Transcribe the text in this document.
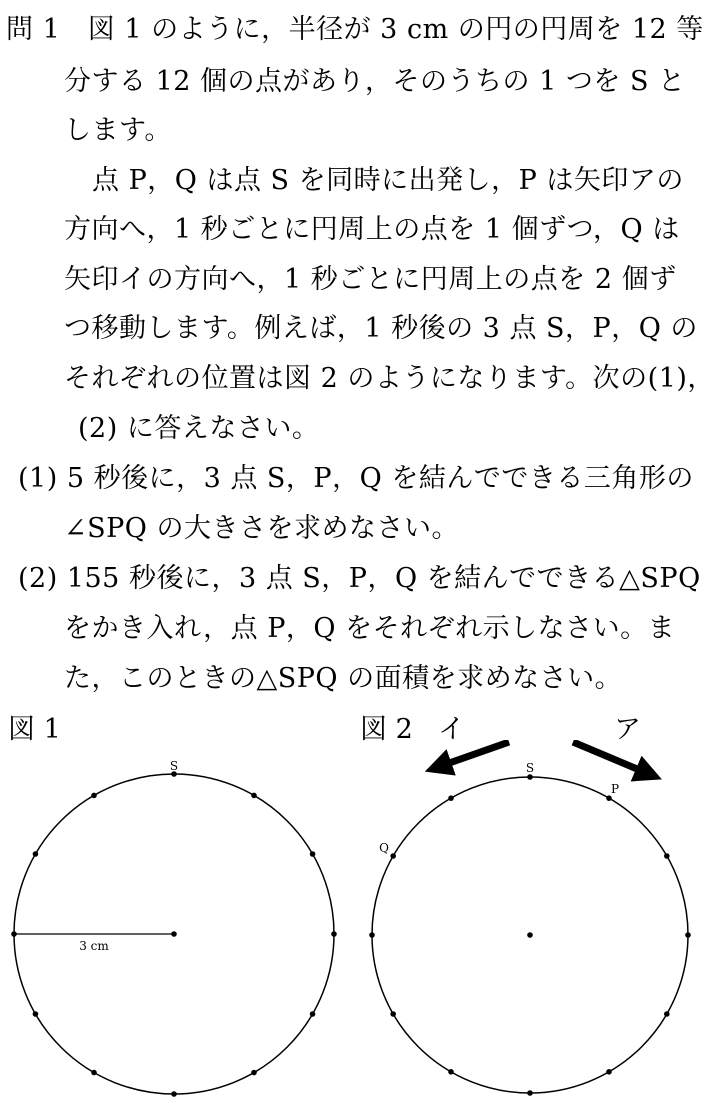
問 1　図 1 のように，半径が 3 cm の円の円周を 12 等
分する 12 個の点があり，そのうちの 1 つを S と
します。
点 P，Q は点 S を同時に出発し，P は矢印アの
方向へ，1 秒ごとに円周上の点を 1 個ずつ，Q は
矢印イの方向へ，1 秒ごとに円周上の点を 2 個ず
つ移動します。例えば，1 秒後の 3 点 S，P，Q の
それぞれの位置は図 2 のようになります。次の(1)，
(2) に答えなさい。
(1) 5 秒後に，3 点 S，P，Q を結んでできる三角形の
∠SPQ の大きさを求めなさい。
(2) 155 秒後に，3 点 S，P，Q を結んでできる△SPQ
をかき入れ，点 P，Q をそれぞれ示しなさい。ま
た，このときの△SPQ の面積を求めなさい。
図 1	図 2 イ	ア
S
3 cm
S
P
Q
